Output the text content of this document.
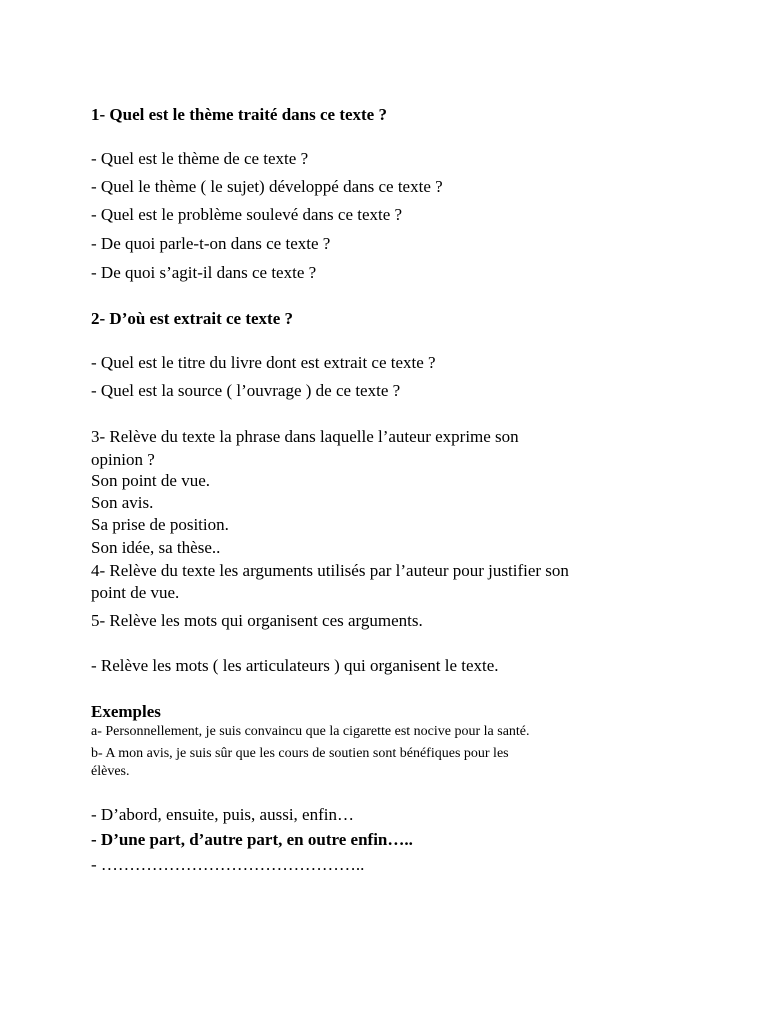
1- Quel est le thème traité dans ce texte ?

- Quel est le thème de ce texte ?

- Quel le thème ( le sujet) développé dans ce texte ?

- Quel est le problème soulevé dans ce texte ?

- De quoi parle-t-on dans ce texte ?

- De quoi s’agit-il dans ce texte ?

2- D’où est extrait ce texte ?

- Quel est le titre du livre dont est extrait ce texte ?

- Quel est la source ( l’ouvrage ) de ce texte ?

3- Relève du texte la phrase dans laquelle l’auteur exprime son

opinion ?

Son point de vue.

Son avis.

Sa prise de position.

Son idée, sa thèse..

4- Relève du texte les arguments utilisés par l’auteur pour justifier son

point de vue.

5- Relève les mots qui organisent ces arguments.

- Relève les mots ( les articulateurs ) qui organisent le texte.

Exemples

a- Personnellement, je suis convaincu que la cigarette est nocive pour la santé.

b- A mon avis, je suis sûr que les cours de soutien sont bénéfiques pour les

élèves.

- D’abord, ensuite, puis, aussi, enfin…

- D’une part, d’autre part, en outre enfin…..

- ………………………………………..
